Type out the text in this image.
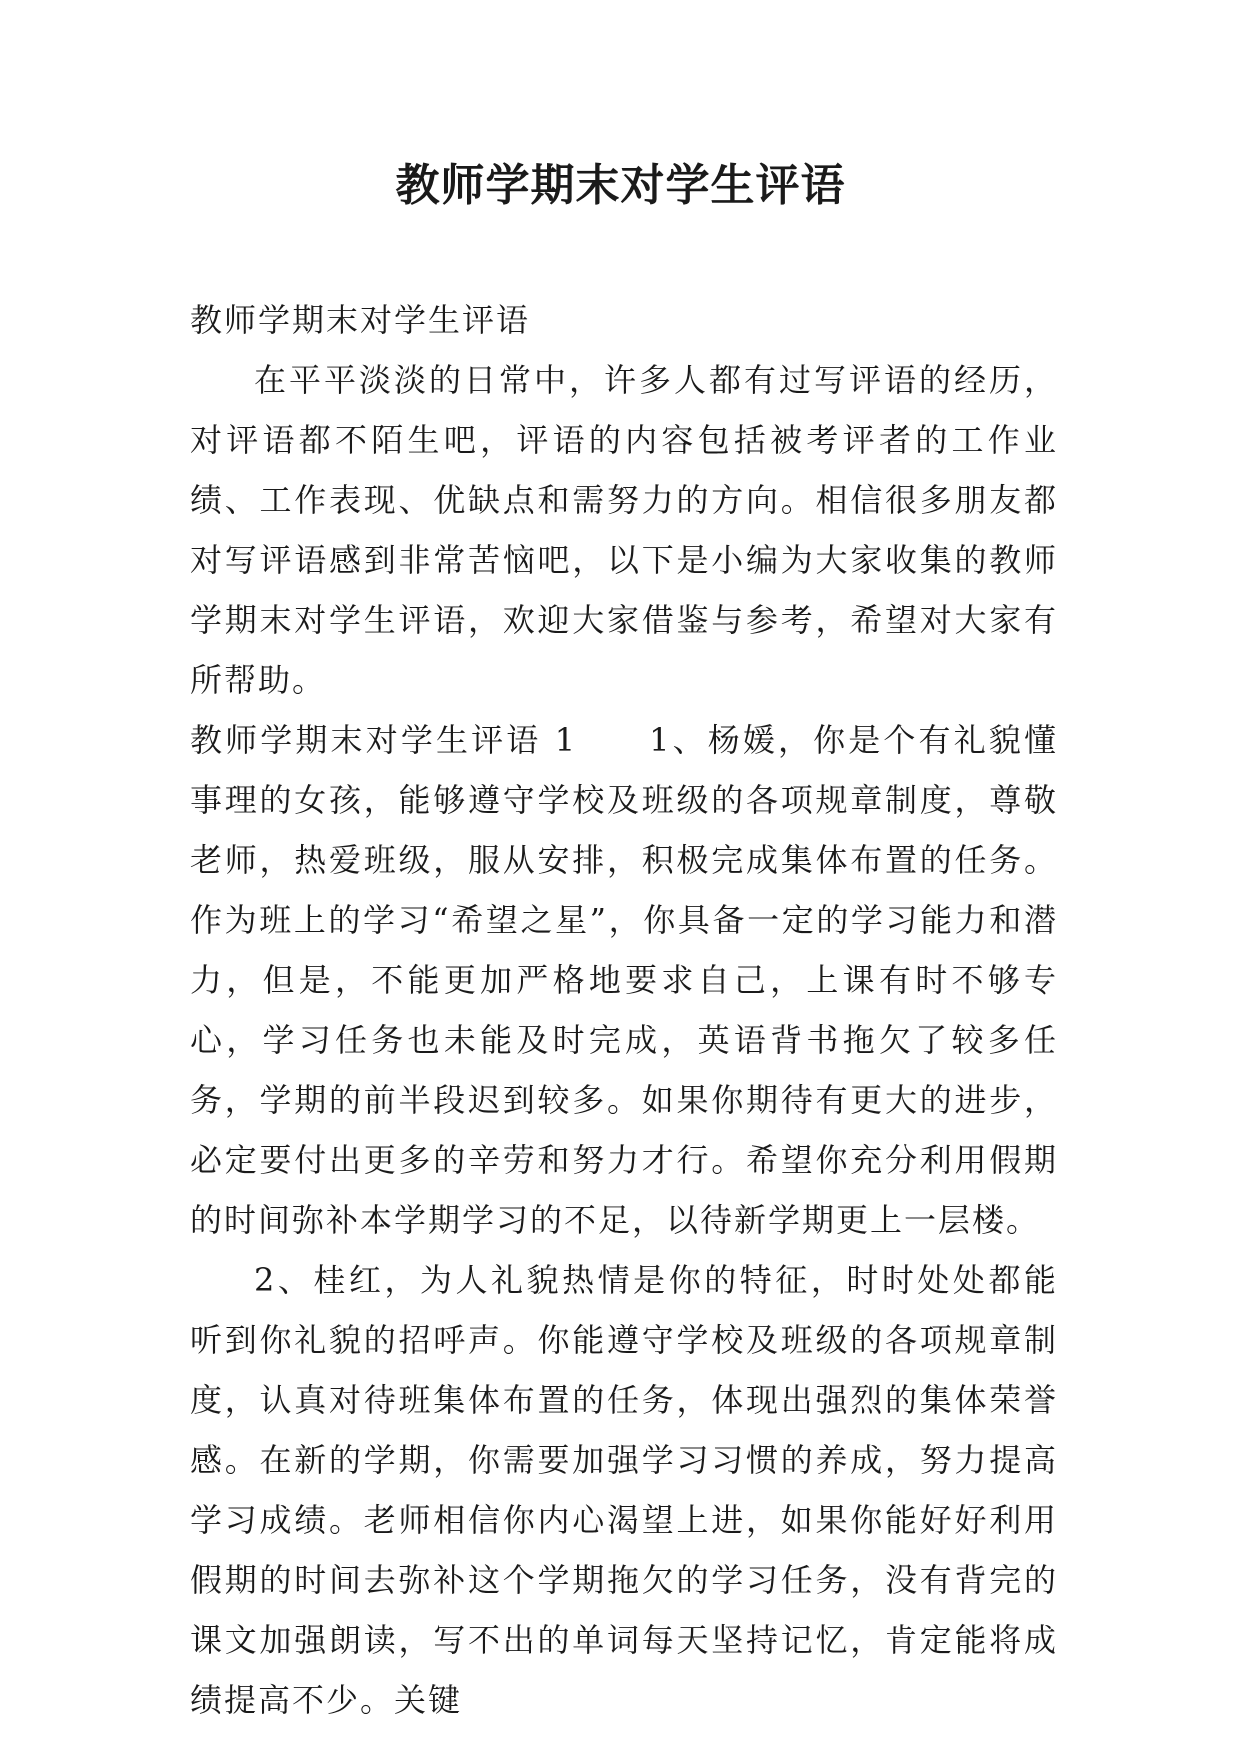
教师学期末对学生评语

教师学期末对学生评语

在平平淡淡的日常中，许多人都有过写评语的经历，对评语都不陌生吧，评语的内容包括被考评者的工作业绩、工作表现、优缺点和需努力的方向。相信很多朋友都对写评语感到非常苦恼吧，以下是小编为大家收集的教师学期末对学生评语，欢迎大家借鉴与参考，希望对大家有所帮助。

教师学期末对学生评语 1 1、杨媛，你是个有礼貌懂事理的女孩，能够遵守学校及班级的各项规章制度，尊敬老师，热爱班级，服从安排，积极完成集体布置的任务。作为班上的学习“希望之星”，你具备一定的学习能力和潜力，但是，不能更加严格地要求自己，上课有时不够专心，学习任务也未能及时完成，英语背书拖欠了较多任务，学期的前半段迟到较多。如果你期待有更大的进步，必定要付出更多的辛劳和努力才行。希望你充分利用假期的时间弥补本学期学习的不足，以待新学期更上一层楼。

2、桂红，为人礼貌热情是你的特征，时时处处都能听到你礼貌的招呼声。你能遵守学校及班级的各项规章制度，认真对待班集体布置的任务，体现出强烈的集体荣誉感。在新的学期，你需要加强学习习惯的养成，努力提高学习成绩。老师相信你内心渴望上进，如果你能好好利用假期的时间去弥补这个学期拖欠的学习任务，没有背完的课文加强朗读，写不出的单词每天坚持记忆，肯定能将成绩提高不少。关键
